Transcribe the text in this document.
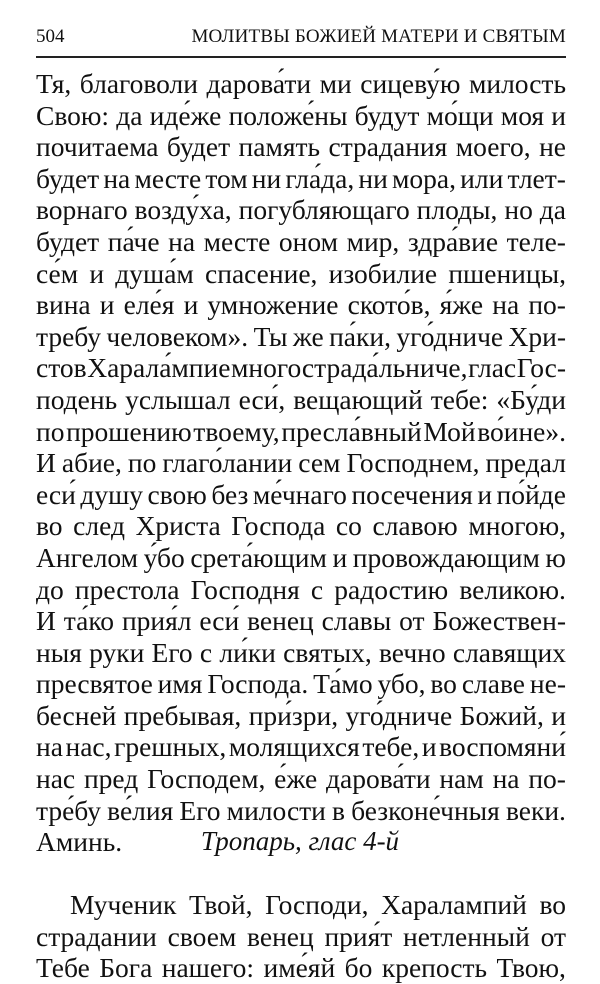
504	МОЛИТВЫ БОЖИЕЙ МАТЕРИ И СВЯТЫМ
Тя, благоволи дарова́ти ми сицеву́ю милость
Свою: да иде́же положе́ны будут мо́щи моя и
почитаема будет память страдания моего, не
будет на месте том ни гла́да, ни мора, или тлет-
ворнаго возду́ха, погубляющаго плоды, но да
будет па́че на месте оном мир, здра́вие теле-
се́м и душа́м спасение, изобилие пшеницы,
вина и еле́я и умножение ското́в, я́же на по-
требу человеком». Ты же па́ки, уго́дниче Хри-
стов Харала́мпие многострада́льниче, глас Гос-
подень услышал еси́, вещающий тебе: «Бу́ди
по прошению твоему, пресла́вный Мой во́ине».
И абие, по глаго́лании сем Господнем, предал
еси́ душу свою без ме́чнаго посечения и по́йде
во след Христа Господа со славою многою,
Ангелом у́бо срета́ющим и провождающим ю
до престола Господня с радостию великою.
И та́ко прия́л еси́ венец славы от Божествен-
ныя руки Его с ли́ки святых, вечно славящих
пресвятое имя Господа. Та́мо убо, во славе не-
бесней пребывая, при́зри, уго́дниче Божий, и
на нас, грешных, молящихся тебе, и воспомяни́
нас пред Господем, е́же дарова́ти нам на по-
тре́бу ве́лия Его милости в безконе́чныя веки.
Аминь.	Тропарь, глас 4-й
Мученик Твой, Господи, Харалампий во
страдании своем венец прия́т нетленный от
Тебе Бога нашего: име́яй бо крепость Твою,
